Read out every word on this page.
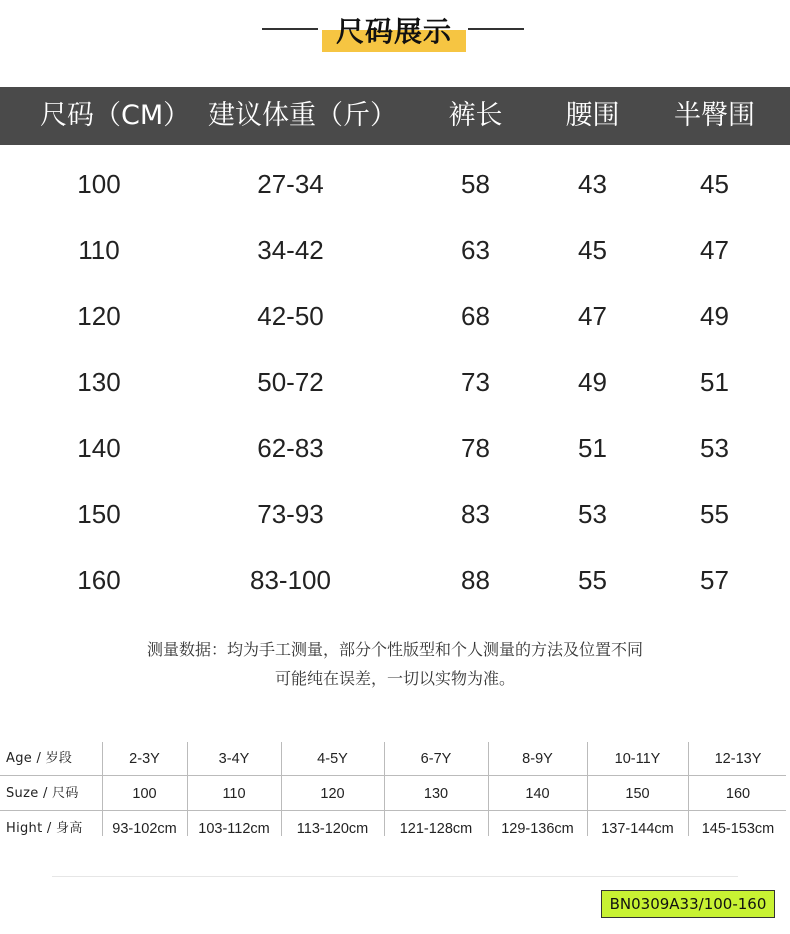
尺码展示
尺码（CM） 建议体重（斤）	裤长	腰围	半臀围
100	27-34	58	43	45
110	34-42	63	45	47
120	42-50	68	47	49
130	50-72	73	49	51
140	62-83	78	51	53
150	73-93	83	53	55
160	83-100	88	55	57
测量数据：均为手工测量，部分个性版型和个人测量的方法及位置不同
可能纯在误差，一切以实物为准。
Age / 岁段	2-3Y	3-4Y	4-5Y	6-7Y	8-9Y	10-11Y	12-13Y
Suze / 尺码	100	110	120	130	140	150	160
Hight / 身高	93-102cm	103-112cm	113-120cm	121-128cm	129-136cm	137-144cm	145-153cm
BN0309A33/100-160
